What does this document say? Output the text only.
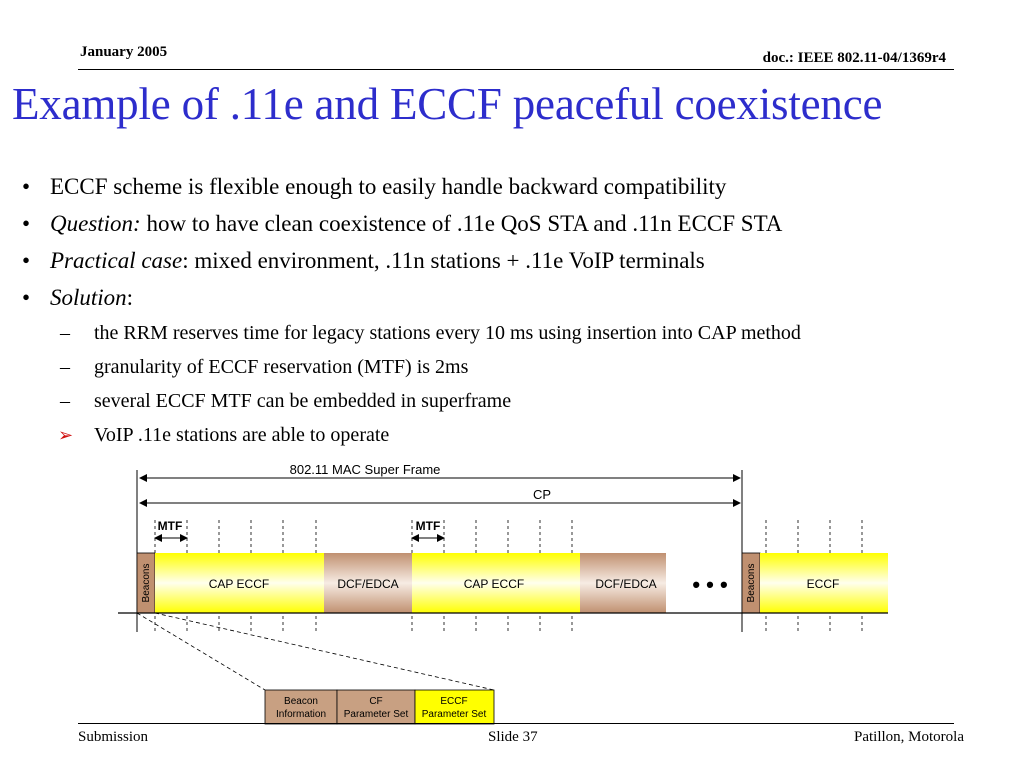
January 2005	doc.: IEEE 802.11-04/1369r4
Example of .11e and ECCF peaceful coexistence
• ECCF scheme is flexible enough to easily handle backward compatibility
• Question: how to have clean coexistence of .11e QoS STA and .11n ECCF STA
• Practical case: mixed environment, .11n stations + .11e VoIP terminals
• Solution:
– the RRM reserves time for legacy stations every 10 ms using insertion into CAP method
– granularity of ECCF reservation (MTF) is 2ms
– several ECCF MTF can be embedded in superframe
➢ VoIP .11e stations are able to operate
802.11 MAC Super Frame
CP
MTF	MTF
Beacons	CAP ECCF	DCF/EDCA	CAP ECCF	DCF/EDCA • • • Beacons	ECCF
Beacon
Information
CF
Parameter Set
ECCF
Parameter Set
Submission	Slide 37	Patillon, Motorola
